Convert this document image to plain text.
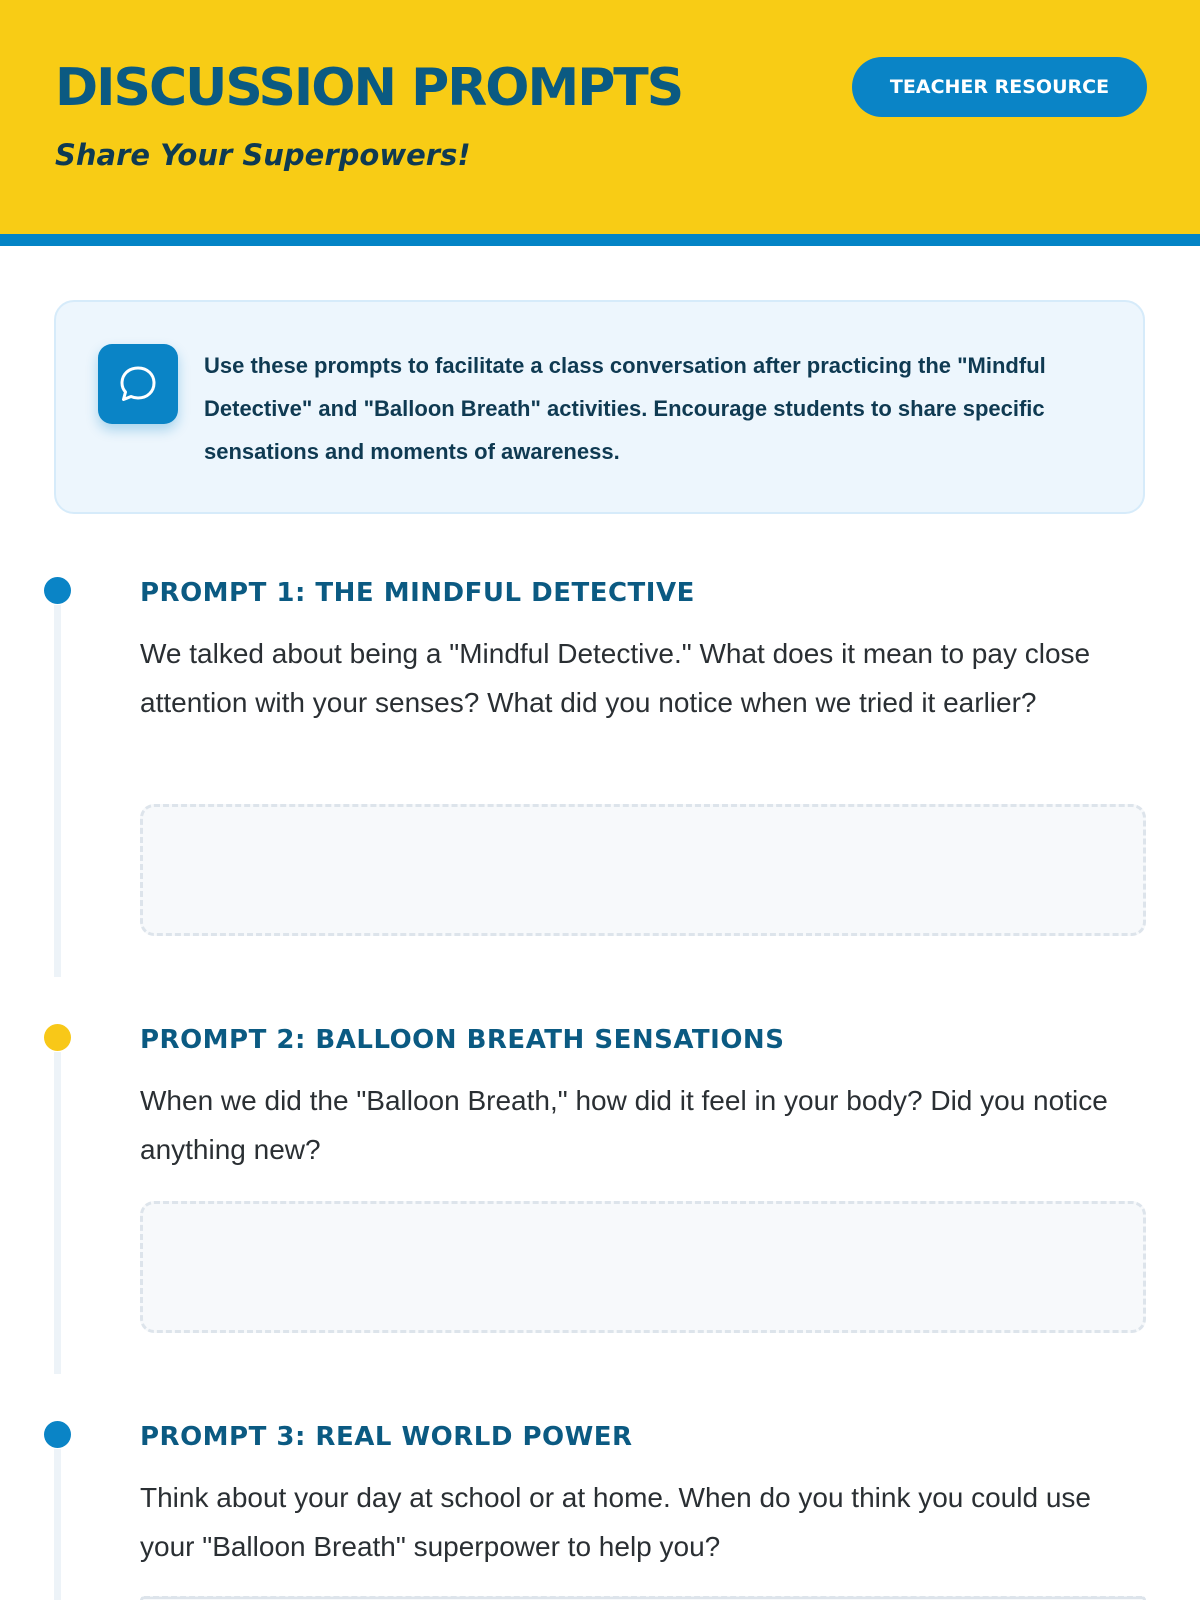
DISCUSSION PROMPTS

Share Your Superpowers!

TEACHER RESOURCE

Use these prompts to facilitate a class conversation after practicing the "Mindful Detective" and "Balloon Breath" activities. Encourage students to share specific sensations and moments of awareness.

PROMPT 1: THE MINDFUL DETECTIVE

We talked about being a "Mindful Detective." What does it mean to pay close attention with your senses? What did you notice when we tried it earlier?

PROMPT 2: BALLOON BREATH SENSATIONS

When we did the "Balloon Breath," how did it feel in your body? Did you notice anything new?

PROMPT 3: REAL WORLD POWER

Think about your day at school or at home. When do you think you could use your "Balloon Breath" superpower to help you?
